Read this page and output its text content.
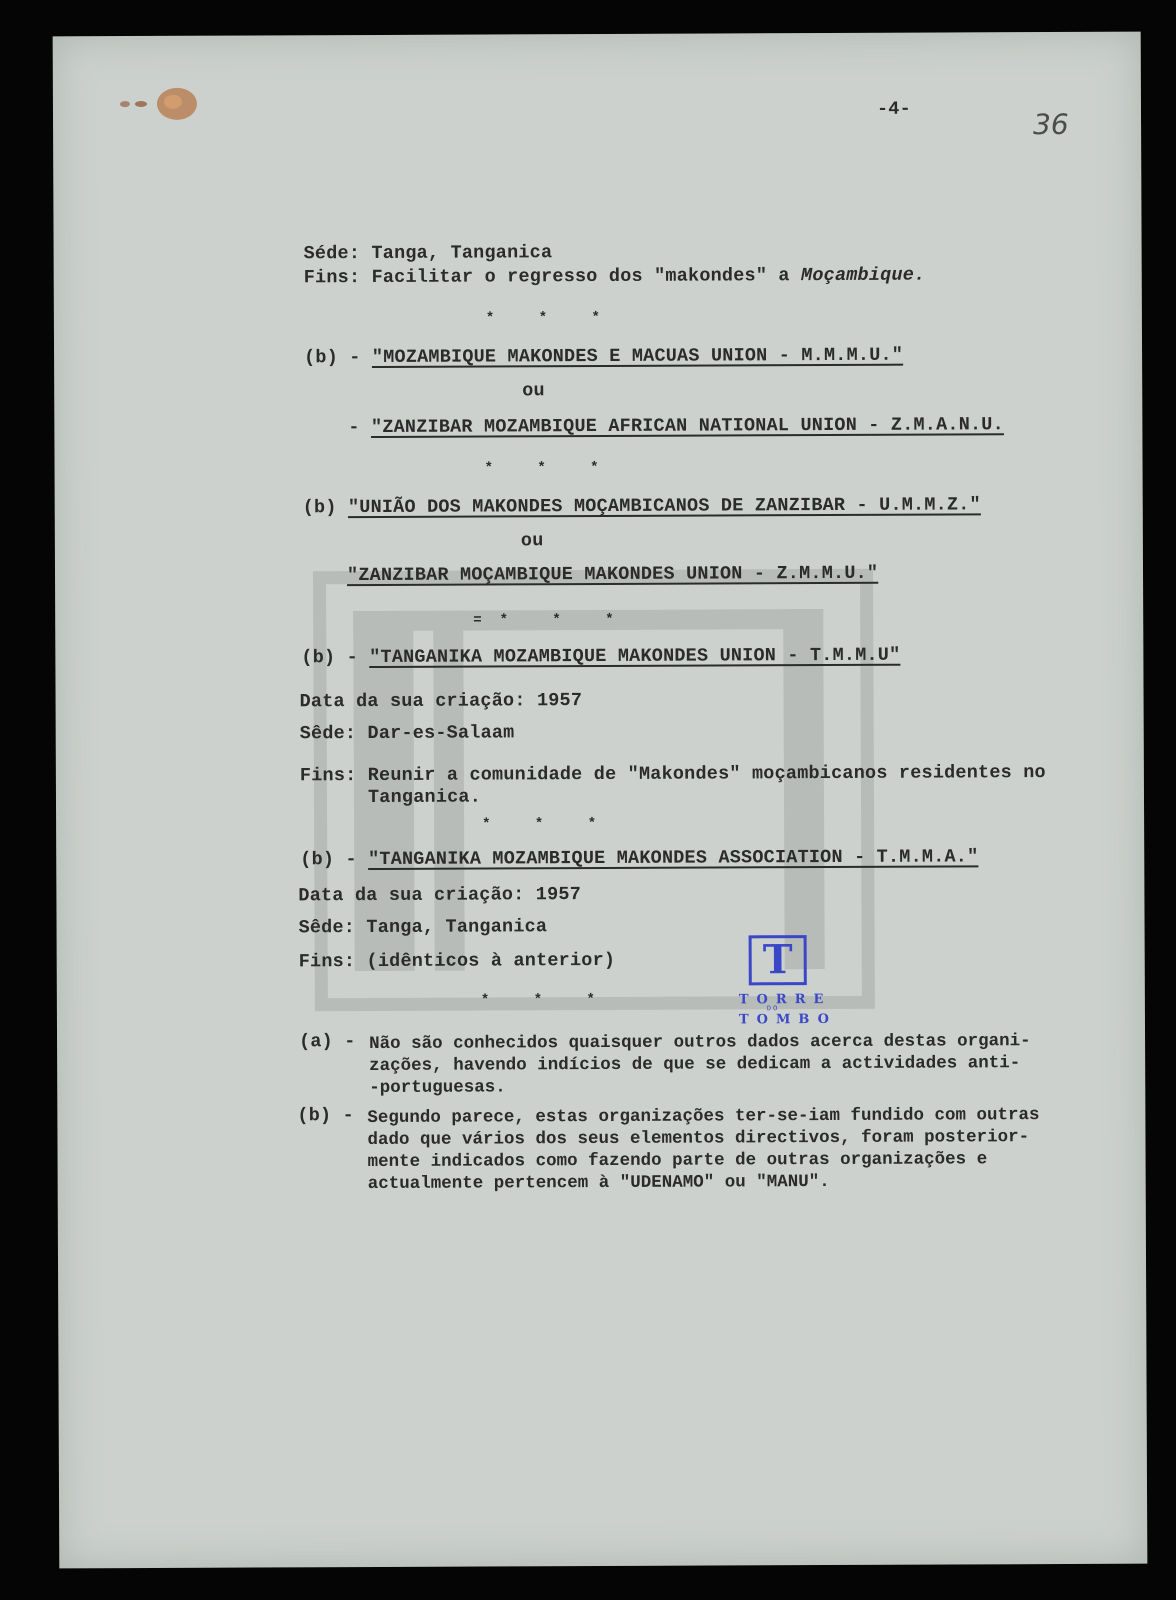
-4-	36
Séde: Tanga, Tanganica
Fins: Facilitar o regresso dos "makondes" a Moçambique.
* * *
(b) - "MOZAMBIQUE MAKONDES E MACUAS UNION - M.M.M.U."
ou
- "ZANZIBAR MOZAMBIQUE AFRICAN NATIONAL UNION - Z.M.A.N.U.
* * *
(b) "UNIÃO DOS MAKONDES MOÇAMBICANOS DE ZANZIBAR - U.M.M.Z."
ou
"ZANZIBAR MOÇAMBIQUE MAKONDES UNION - Z.M.M.U."
=* * *
(b) - "TANGANIKA MOZAMBIQUE MAKONDES UNION - T.M.M.U"
Data da sua criação: 1957
Sêde: Dar-es-Salaam
Fins: Reunir a comunidade de "Makondes" moçambicanos residentes no
Tanganica.
* * *
(b) - "TANGANIKA MOZAMBIQUE MAKONDES ASSOCIATION - T.M.M.A."
Data da sua criação: 1957
Sêde: Tanga, Tanganica
Fins: (idênticos à anterior)
* * *
T
TORRE
DO
TOMBO
(a) - Não são conhecidos quaisquer outros dados acerca destas organi-
zações, havendo indícios de que se dedicam a actividades anti-
-portuguesas.
(b) - Segundo parece, estas organizações ter-se-iam fundido com outras
dado que vários dos seus elementos directivos, foram posterior-
mente indicados como fazendo parte de outras organizações e
actualmente pertencem à "UDENAMO" ou "MANU".
